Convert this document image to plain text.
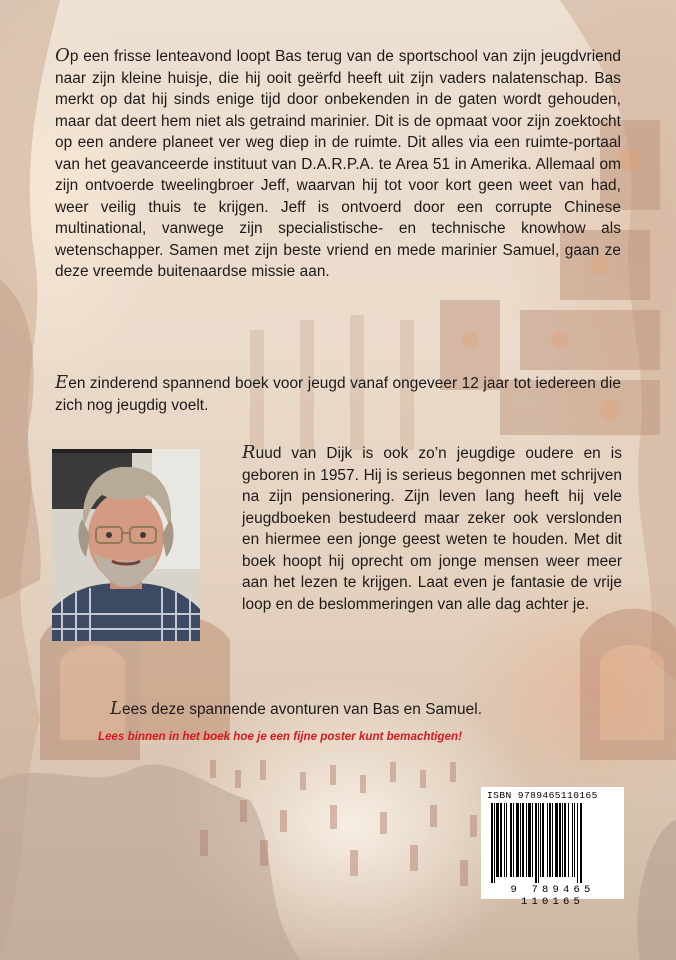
Op een frisse lenteavond loopt Bas terug van de sportschool van zijn jeugdvriend naar zijn kleine huisje, die hij ooit geërfd heeft uit zijn vaders nalatenschap. Bas merkt op dat hij sinds enige tijd door onbekenden in de gaten wordt gehouden, maar dat deert hem niet als getraind marinier. Dit is de opmaat voor zijn zoektocht op een andere planeet ver weg diep in de ruimte. Dit alles via een ruimte-portaal van het geavanceerde instituut van D.A.R.P.A. te Area 51 in Amerika. Allemaal om zijn ontvoerde tweelingbroer Jeff, waarvan hij tot voor kort geen weet van had, weer veilig thuis te krijgen. Jeff is ontvoerd door een corrupte Chinese multinational, vanwege zijn specialistische- en technische knowhow als wetenschapper. Samen met zijn beste vriend en mede marinier Samuel, gaan ze deze vreemde buitenaardse missie aan.
Een zinderend spannend boek voor jeugd vanaf ongeveer 12 jaar tot iedereen die zich nog jeugdig voelt.
Ruud van Dijk is ook zo’n jeugdige oudere en is geboren in 1957. Hij is serieus begonnen met schrijven na zijn pensionering. Zijn leven lang heeft hij vele jeugdboeken bestudeerd maar zeker ook verslonden en hiermee een jonge geest weten te houden. Met dit boek hoopt hij oprecht om jonge mensen weer meer aan het lezen te krijgen. Laat even je fantasie de vrije loop en de beslommeringen van alle dag achter je.
Lees deze spannende avonturen van Bas en Samuel.
Lees binnen in het boek hoe je een fijne poster kunt bemachtigen!
ISBN 9789465110165
9 789465 110165
